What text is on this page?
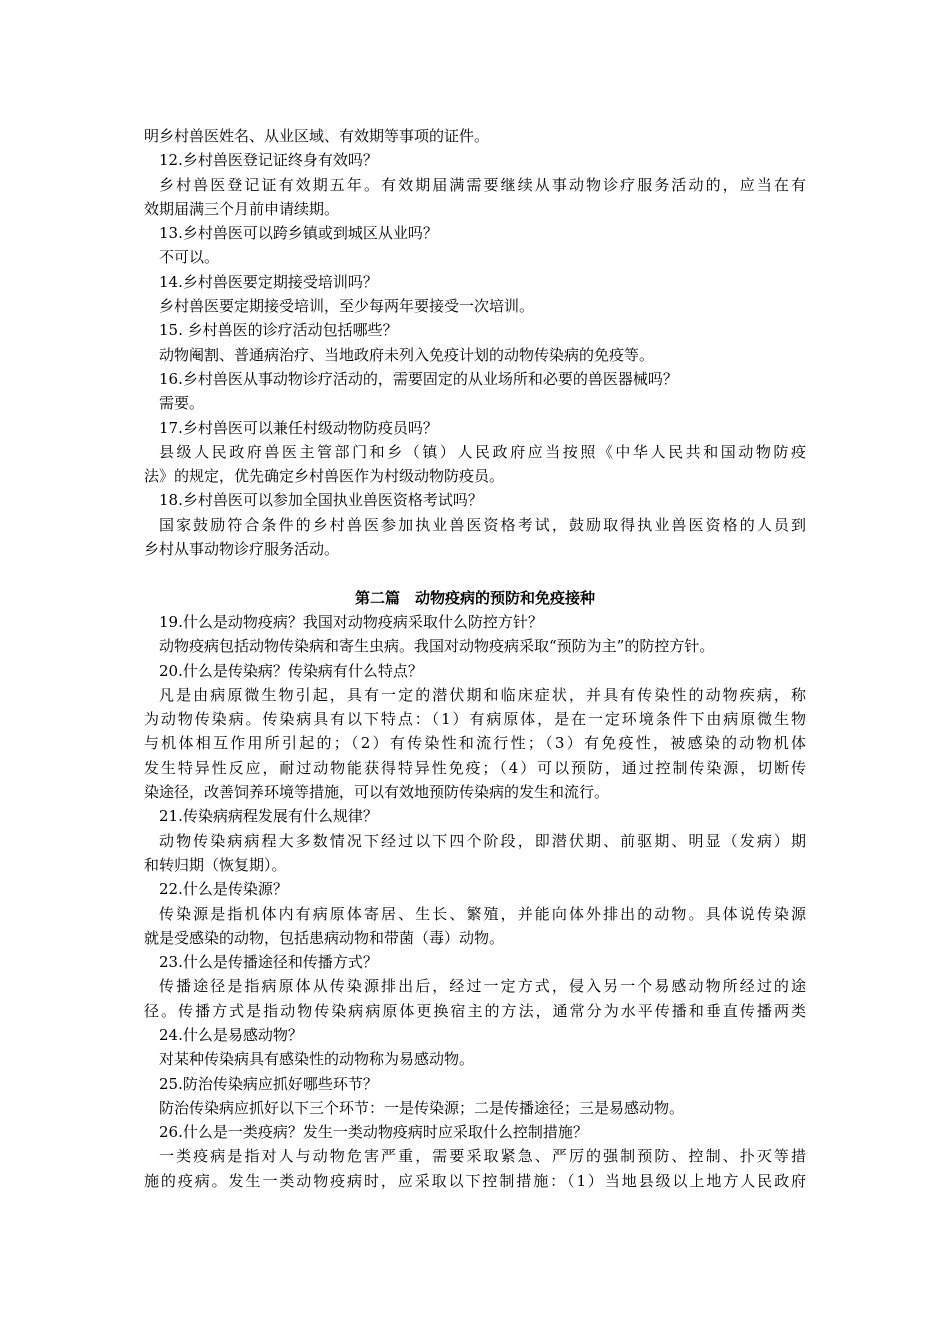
明乡村兽医姓名、从业区域、有效期等事项的证件。
12.乡村兽医登记证终身有效吗？
乡村兽医登记证有效期五年。有效期届满需要继续从事动物诊疗服务活动的，应当在有
效期届满三个月前申请续期。
13.乡村兽医可以跨乡镇或到城区从业吗？
不可以。
14.乡村兽医要定期接受培训吗？
乡村兽医要定期接受培训，至少每两年要接受一次培训。
15. 乡村兽医的诊疗活动包括哪些？
动物阉割、普通病治疗、当地政府未列入免疫计划的动物传染病的免疫等。
16.乡村兽医从事动物诊疗活动的，需要固定的从业场所和必要的兽医器械吗？
需要。
17.乡村兽医可以兼任村级动物防疫员吗？
县级人民政府兽医主管部门和乡（镇）人民政府应当按照《中华人民共和国动物防疫
法》的规定，优先确定乡村兽医作为村级动物防疫员。
18.乡村兽医可以参加全国执业兽医资格考试吗？
国家鼓励符合条件的乡村兽医参加执业兽医资格考试，鼓励取得执业兽医资格的人员到
乡村从事动物诊疗服务活动。
第二篇　动物疫病的预防和免疫接种
19.什么是动物疫病？我国对动物疫病采取什么防控方针？
动物疫病包括动物传染病和寄生虫病。我国对动物疫病采取“预防为主”的防控方针。
20.什么是传染病？传染病有什么特点？
凡是由病原微生物引起，具有一定的潜伏期和临床症状，并具有传染性的动物疾病，称
为动物传染病。传染病具有以下特点：（1）有病原体，是在一定环境条件下由病原微生物
与机体相互作用所引起的；（2）有传染性和流行性；（3）有免疫性，被感染的动物机体
发生特异性反应，耐过动物能获得特异性免疫；（4）可以预防，通过控制传染源，切断传
染途径，改善饲养环境等措施，可以有效地预防传染病的发生和流行。
21.传染病病程发展有什么规律？
动物传染病病程大多数情况下经过以下四个阶段，即潜伏期、前驱期、明显（发病）期
和转归期（恢复期）。
22.什么是传染源？
传染源是指机体内有病原体寄居、生长、繁殖，并能向体外排出的动物。具体说传染源
就是受感染的动物，包括患病动物和带菌（毒）动物。
23.什么是传播途径和传播方式？
传播途径是指病原体从传染源排出后，经过一定方式，侵入另一个易感动物所经过的途
径。传播方式是指动物传染病病原体更换宿主的方法，通常分为水平传播和垂直传播两类
24.什么是易感动物？
对某种传染病具有感染性的动物称为易感动物。
25.防治传染病应抓好哪些环节？
防治传染病应抓好以下三个环节：一是传染源；二是传播途径；三是易感动物。
26.什么是一类疫病？发生一类动物疫病时应采取什么控制措施？
一类疫病是指对人与动物危害严重，需要采取紧急、严厉的强制预防、控制、扑灭等措
施的疫病。发生一类动物疫病时，应采取以下控制措施：（1）当地县级以上地方人民政府
